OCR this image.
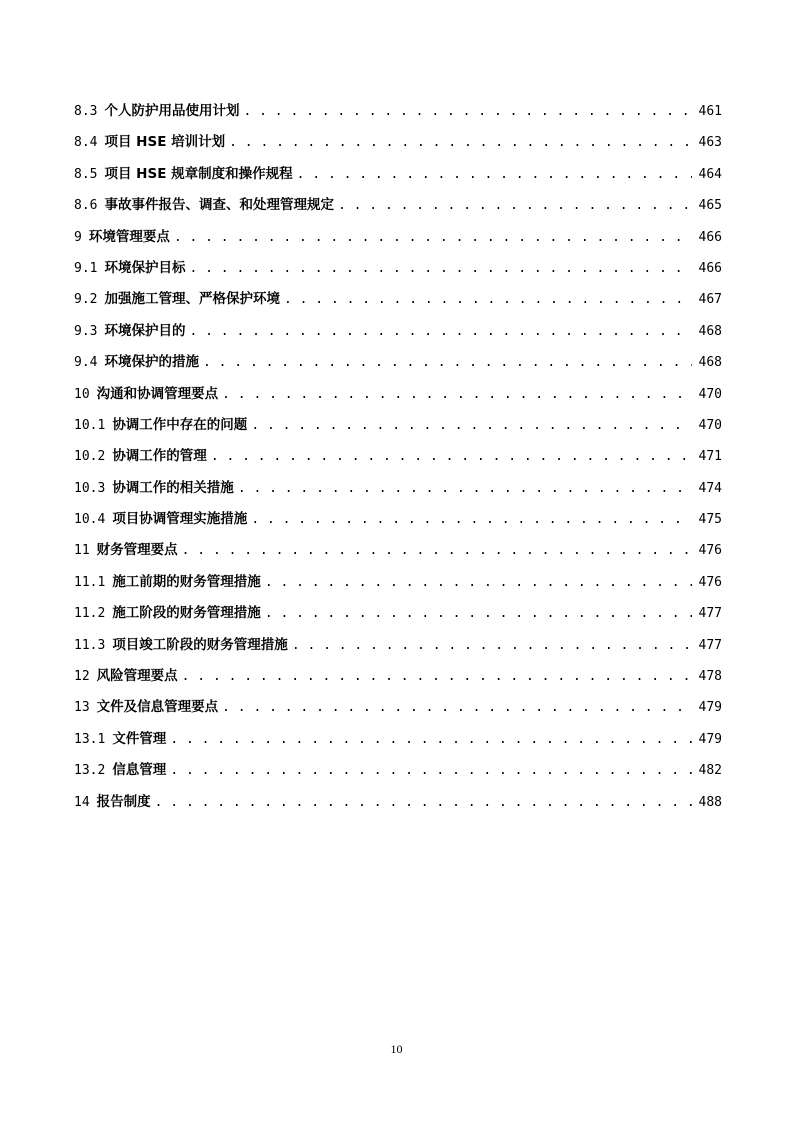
8.3 个人防护用品使用计划 . . .	461
8.4 项目 HSE 培训计划 . . .	463
8.5 项目 HSE 规章制度和操作规程 . . .	464
8.6 事故事件报告、调查、和处理管理规定 . . .	465
9 环境管理要点 . . .	466
9.1 环境保护目标 . . .	466
9.2 加强施工管理、严格保护环境 . . .	467
9.3 环境保护目的 . . .	468
9.4 环境保护的措施 . . .	468
10 沟通和协调管理要点 . . .	470
10.1 协调工作中存在的问题 . . .	470
10.2 协调工作的管理 . . .	471
10.3 协调工作的相关措施 . . .	474
10.4 项目协调管理实施措施 . . .	475
11 财务管理要点 . . .	476
11.1 施工前期的财务管理措施 . . .	476
11.2 施工阶段的财务管理措施 . . .	477
11.3 项目竣工阶段的财务管理措施 . . .	477
12 风险管理要点 . . .	478
13 文件及信息管理要点 . . .	479
13.1 文件管理 . . .	479
13.2 信息管理 . . .	482
14 报告制度 . . .	488
10
